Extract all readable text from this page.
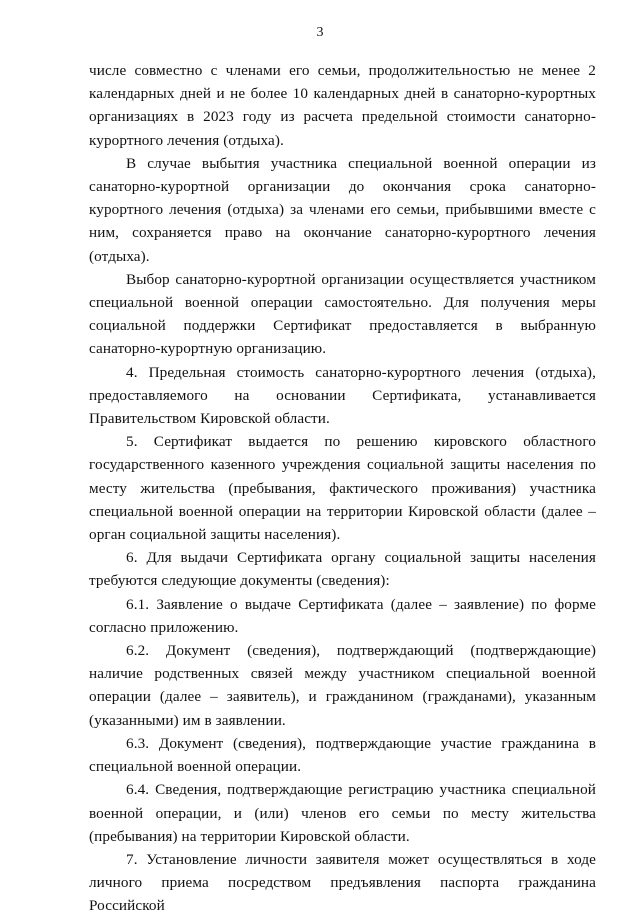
3

числе совместно с членами его семьи, продолжительностью не менее 2 календарных дней и не более 10 календарных дней в санаторно-курортных организациях в 2023 году из расчета предельной стоимости санаторно-курортного лечения (отдыха).

В случае выбытия участника специальной военной операции из санаторно-курортной организации до окончания срока санаторно-курортного лечения (отдыха) за членами его семьи, прибывшими вместе с ним, сохраняется право на окончание санаторно-курортного лечения (отдыха).

Выбор санаторно-курортной организации осуществляется участником специальной военной операции самостоятельно. Для получения меры социальной поддержки Сертификат предоставляется в выбранную санаторно-курортную организацию.

4. Предельная стоимость санаторно-курортного лечения (отдыха), предоставляемого на основании Сертификата, устанавливается Правительством Кировской области.

5. Сертификат выдается по решению кировского областного государственного казенного учреждения социальной защиты населения по месту жительства (пребывания, фактического проживания) участника специальной военной операции на территории Кировской области (далее – орган социальной защиты населения).

6. Для выдачи Сертификата органу социальной защиты населения требуются следующие документы (сведения):

6.1. Заявление о выдаче Сертификата (далее – заявление) по форме согласно приложению.

6.2. Документ (сведения), подтверждающий (подтверждающие) наличие родственных связей между участником специальной военной операции (далее – заявитель), и гражданином (гражданами), указанным (указанными) им в заявлении.

6.3. Документ (сведения), подтверждающие участие гражданина в специальной военной операции.

6.4. Сведения, подтверждающие регистрацию участника специальной военной операции, и (или) членов его семьи по месту жительства (пребывания) на территории Кировской области.

7. Установление личности заявителя может осуществляться в ходе личного приема посредством предъявления паспорта гражданина Российской
